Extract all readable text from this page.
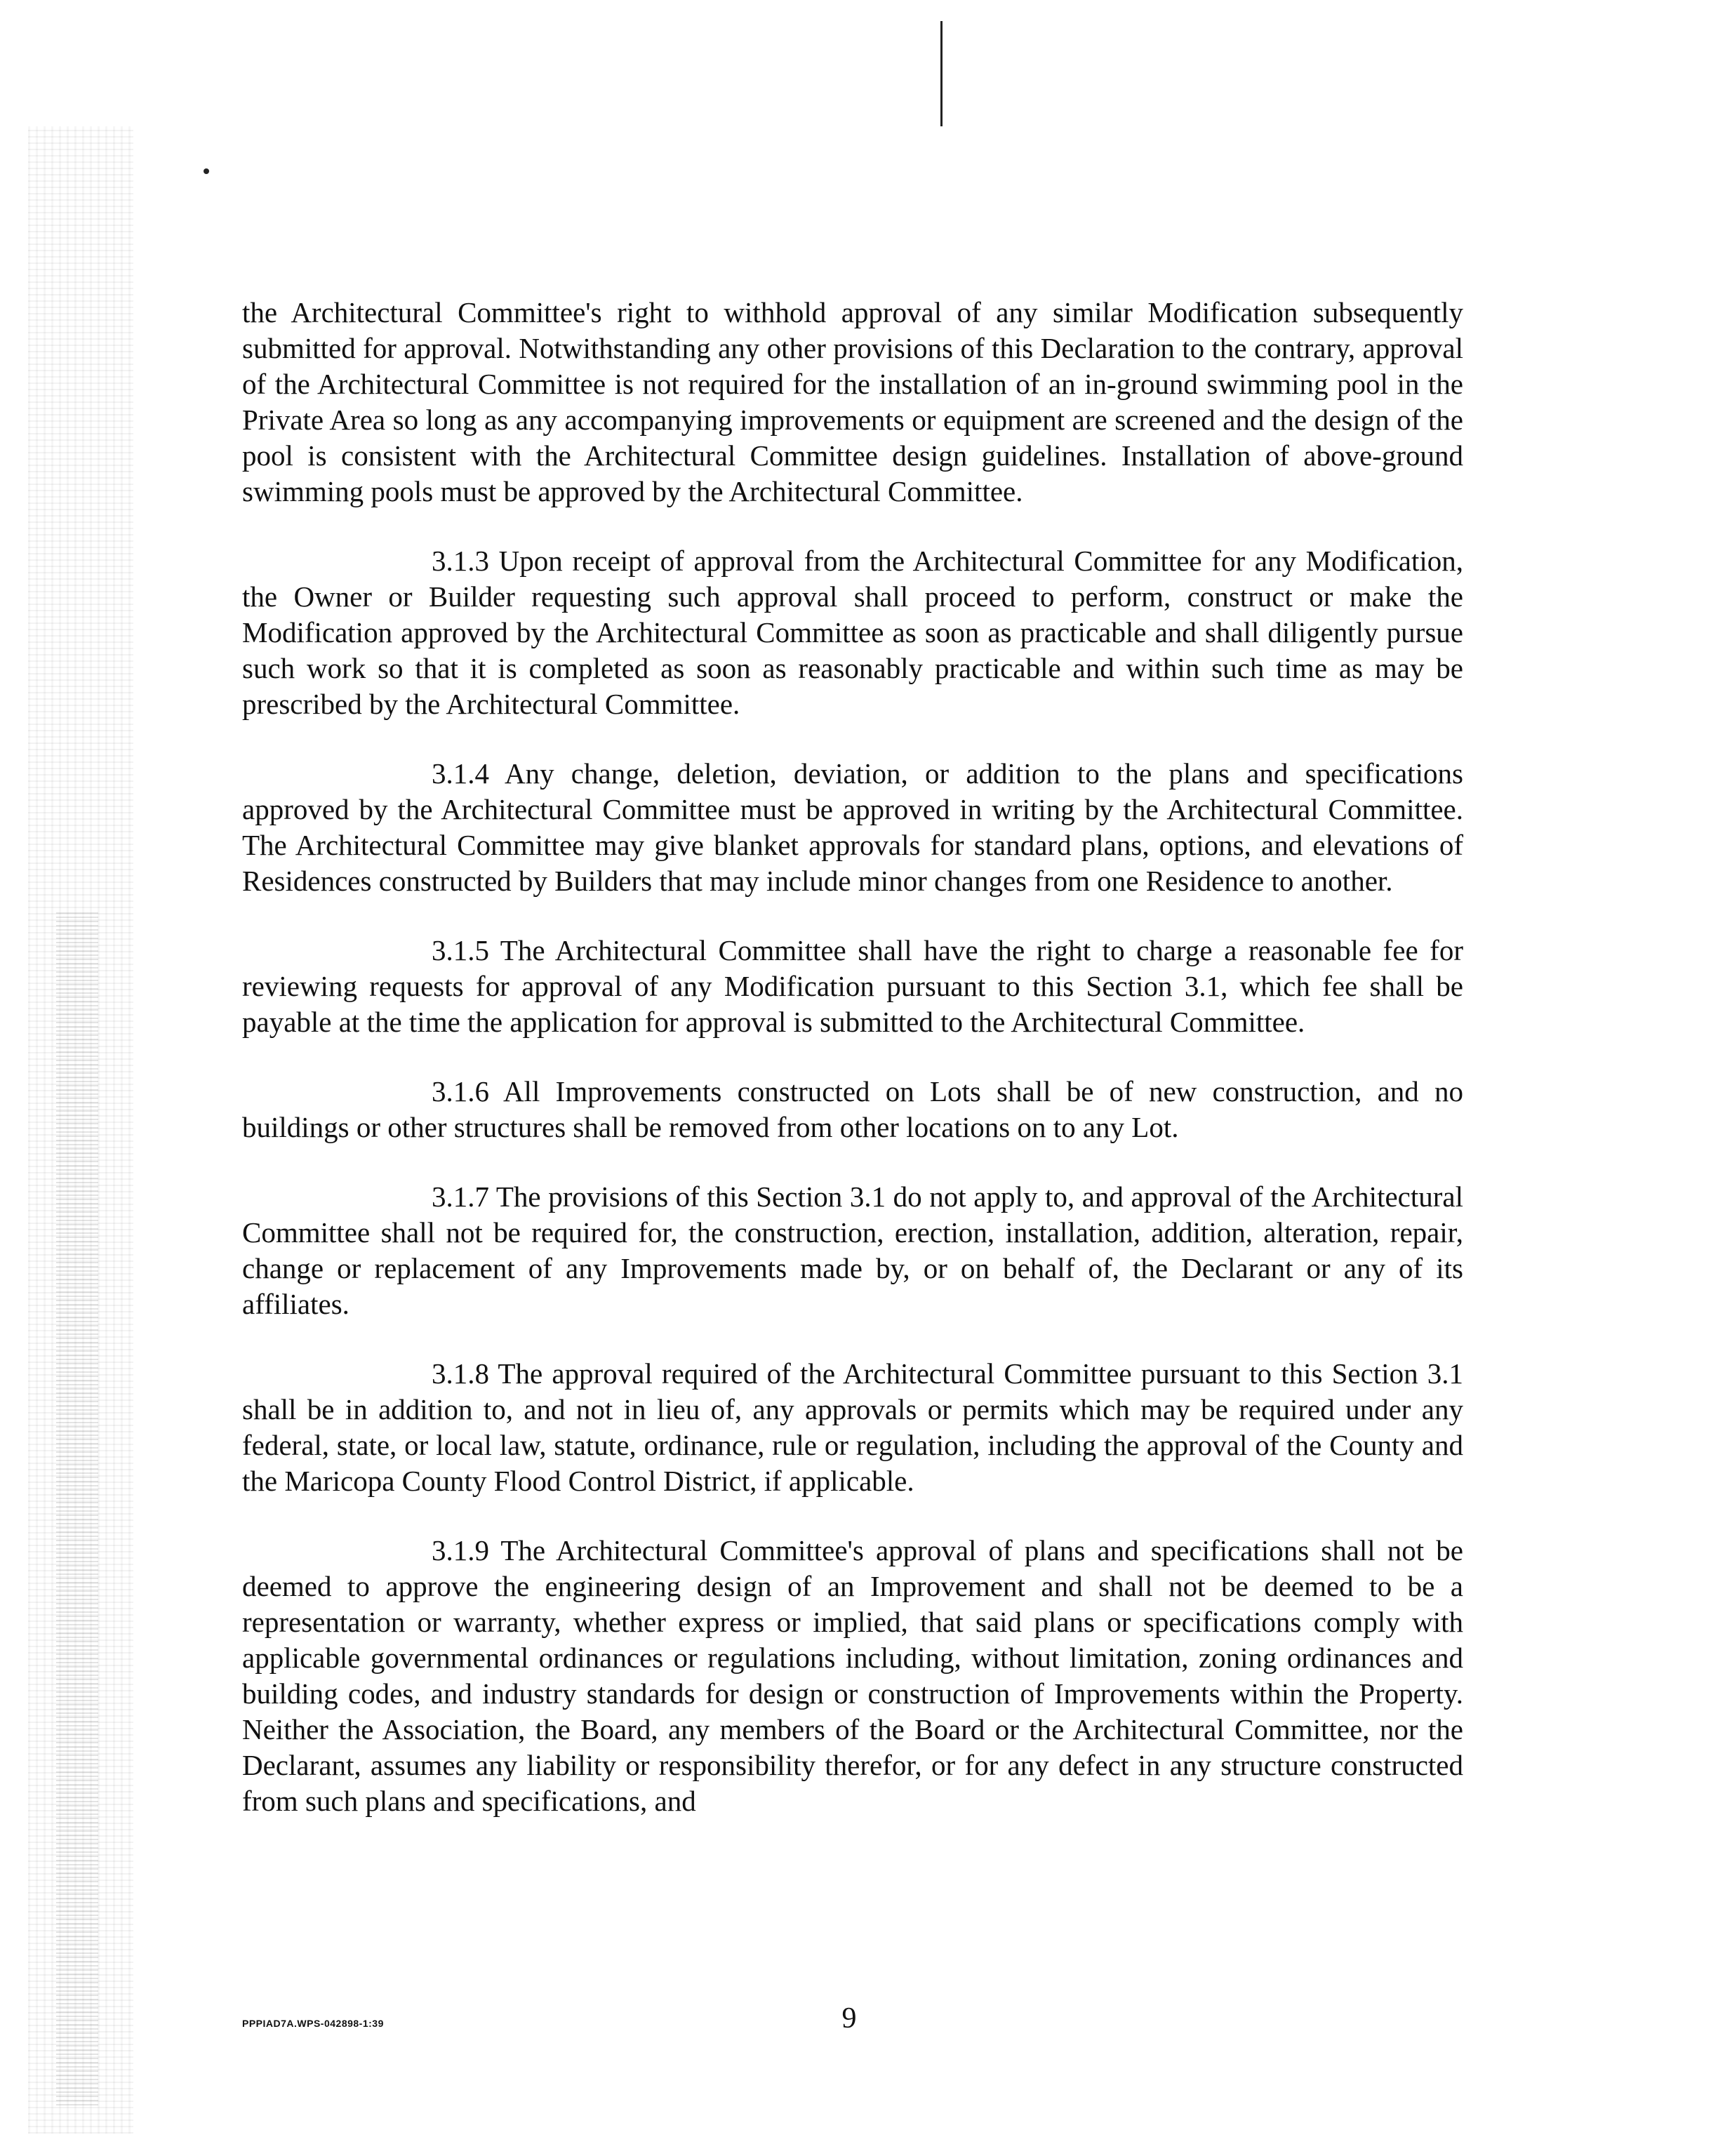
the Architectural Committee's right to withhold approval of any similar Modification subsequently submitted for approval. Notwithstanding any other provisions of this Declaration to the contrary, approval of the Architectural Committee is not required for the installation of an in-ground swimming pool in the Private Area so long as any accompanying improvements or equipment are screened and the design of the pool is consistent with the Architectural Committee design guidelines. Installation of above-ground swimming pools must be approved by the Architectural Committee.

3.1.3 Upon receipt of approval from the Architectural Committee for any Modification, the Owner or Builder requesting such approval shall proceed to perform, construct or make the Modification approved by the Architectural Committee as soon as practicable and shall diligently pursue such work so that it is completed as soon as reasonably practicable and within such time as may be prescribed by the Architectural Committee.

3.1.4 Any change, deletion, deviation, or addition to the plans and specifications approved by the Architectural Committee must be approved in writing by the Architectural Committee. The Architectural Committee may give blanket approvals for standard plans, options, and elevations of Residences constructed by Builders that may include minor changes from one Residence to another.

3.1.5 The Architectural Committee shall have the right to charge a reasonable fee for reviewing requests for approval of any Modification pursuant to this Section 3.1, which fee shall be payable at the time the application for approval is submitted to the Architectural Committee.

3.1.6 All Improvements constructed on Lots shall be of new construction, and no buildings or other structures shall be removed from other locations on to any Lot.

3.1.7 The provisions of this Section 3.1 do not apply to, and approval of the Architectural Committee shall not be required for, the construction, erection, installation, addition, alteration, repair, change or replacement of any Improvements made by, or on behalf of, the Declarant or any of its affiliates.

3.1.8 The approval required of the Architectural Committee pursuant to this Section 3.1 shall be in addition to, and not in lieu of, any approvals or permits which may be required under any federal, state, or local law, statute, ordinance, rule or regulation, including the approval of the County and the Maricopa County Flood Control District, if applicable.

3.1.9 The Architectural Committee's approval of plans and specifications shall not be deemed to approve the engineering design of an Improvement and shall not be deemed to be a representation or warranty, whether express or implied, that said plans or specifications comply with applicable governmental ordinances or regulations including, without limitation, zoning ordinances and building codes, and industry standards for design or construction of Improvements within the Property. Neither the Association, the Board, any members of the Board or the Architectural Committee, nor the Declarant, assumes any liability or responsibility therefor, or for any defect in any structure constructed from such plans and specifications, and

PPPIAD7A.WPS-042898-1:39	9
